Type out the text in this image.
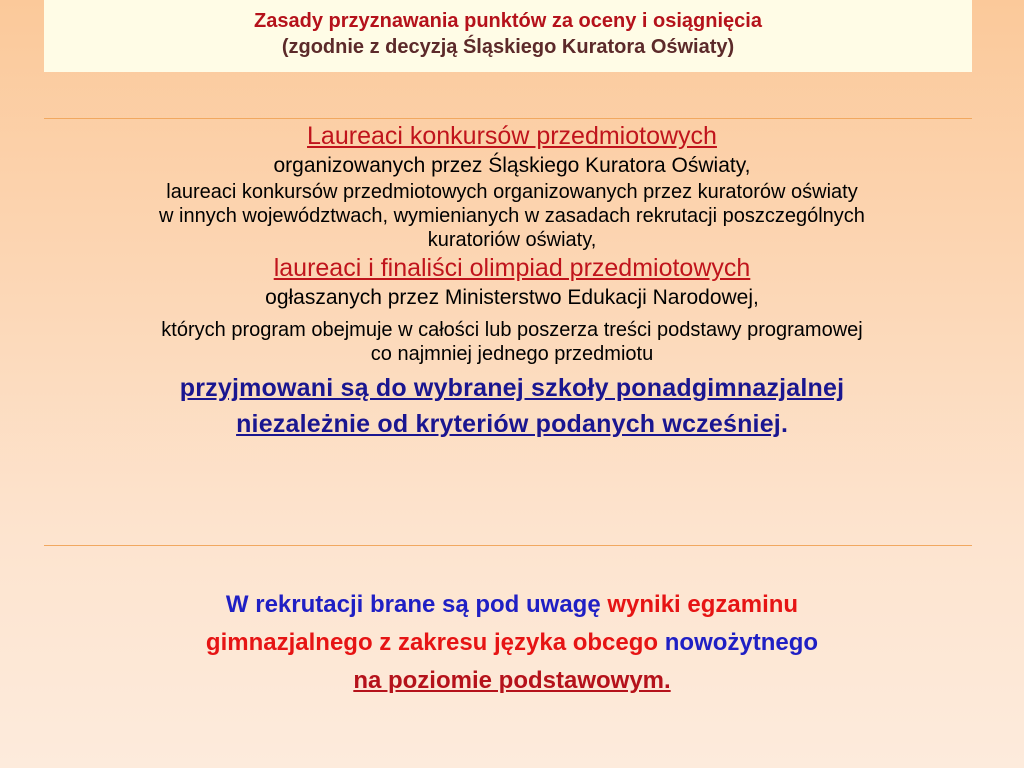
Zasady przyznawania punktów za oceny i osiągnięcia
(zgodnie z decyzją Śląskiego Kuratora Oświaty)
Laureaci konkursów przedmiotowych
organizowanych przez Śląskiego Kuratora Oświaty,
laureaci konkursów przedmiotowych organizowanych przez kuratorów oświaty
w innych województwach, wymienianych w zasadach rekrutacji poszczególnych
kuratoriów oświaty,
laureaci i finaliści olimpiad przedmiotowych
ogłaszanych przez Ministerstwo Edukacji Narodowej,
których program obejmuje w całości lub poszerza treści podstawy programowej
co najmniej jednego przedmiotu
przyjmowani są do wybranej szkoły ponadgimnazjalnej
niezależnie od kryteriów podanych wcześniej.
W rekrutacji brane są pod uwagę wyniki egzaminu
gimnazjalnego z zakresu języka obcego nowożytnego
na poziomie podstawowym.
